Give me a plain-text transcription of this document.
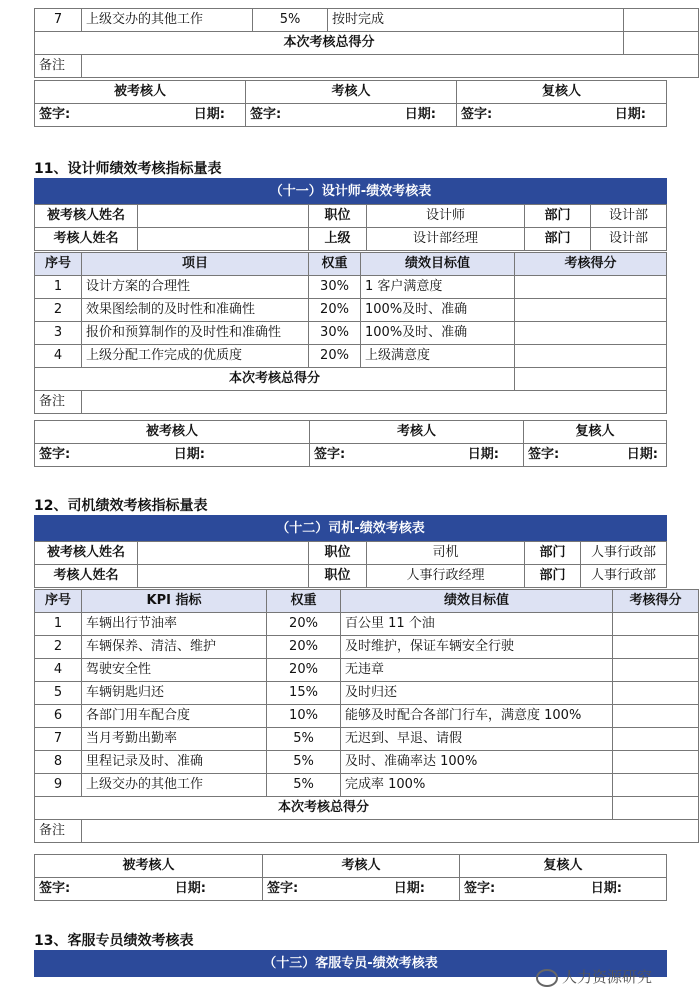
7	上级交办的其他工作	5%	按时完成	
本次考核总得分				
备注				
被考核人	考核人	复核人
签字: 日期:	签字: 日期:	签字: 日期:
11、设计师绩效考核指标量表
（十一）设计师-绩效考核表
被考核人姓名		职位	设计师	部门	设计部
考核人姓名		上级	设计部经理	部门	设计部
序号	项目	权重	绩效目标值	考核得分
1	设计方案的合理性	30%	1 客户满意度	
2	效果图绘制的及时性和准确性	20%	100%及时、准确	
3	报价和预算制作的及时性和准确性	30%	100%及时、准确	
4	上级分配工作完成的优质度	20%	上级满意度	
本次考核总得分				
备注				
被考核人	考核人	复核人
签字: 日期:	签字: 日期:	签字: 日期:
12、司机绩效考核指标量表
（十二）司机-绩效考核表
被考核人姓名		职位	司机	部门	人事行政部
考核人姓名		职位	人事行政经理	部门	人事行政部
序号	KPI 指标	权重	绩效目标值	考核得分
1	车辆出行节油率	20%	百公里 11 个油	
2	车辆保养、清洁、维护	20%	及时维护，保证车辆安全行驶	
4	驾驶安全性	20%	无违章	
5	车辆钥匙归还	15%	及时归还	
6	各部门用车配合度	10%	能够及时配合各部门行车，满意度 100%	
7	当月考勤出勤率	5%	无迟到、早退、请假	
8	里程记录及时、准确	5%	及时、准确率达 100%	
9	上级交办的其他工作	5%	完成率 100%	
本次考核总得分				
备注				
被考核人	考核人	复核人
签字: 日期:	签字: 日期:	签字: 日期:
13、客服专员绩效考核表
（十三）客服专员-绩效考核表
人力资源研究
